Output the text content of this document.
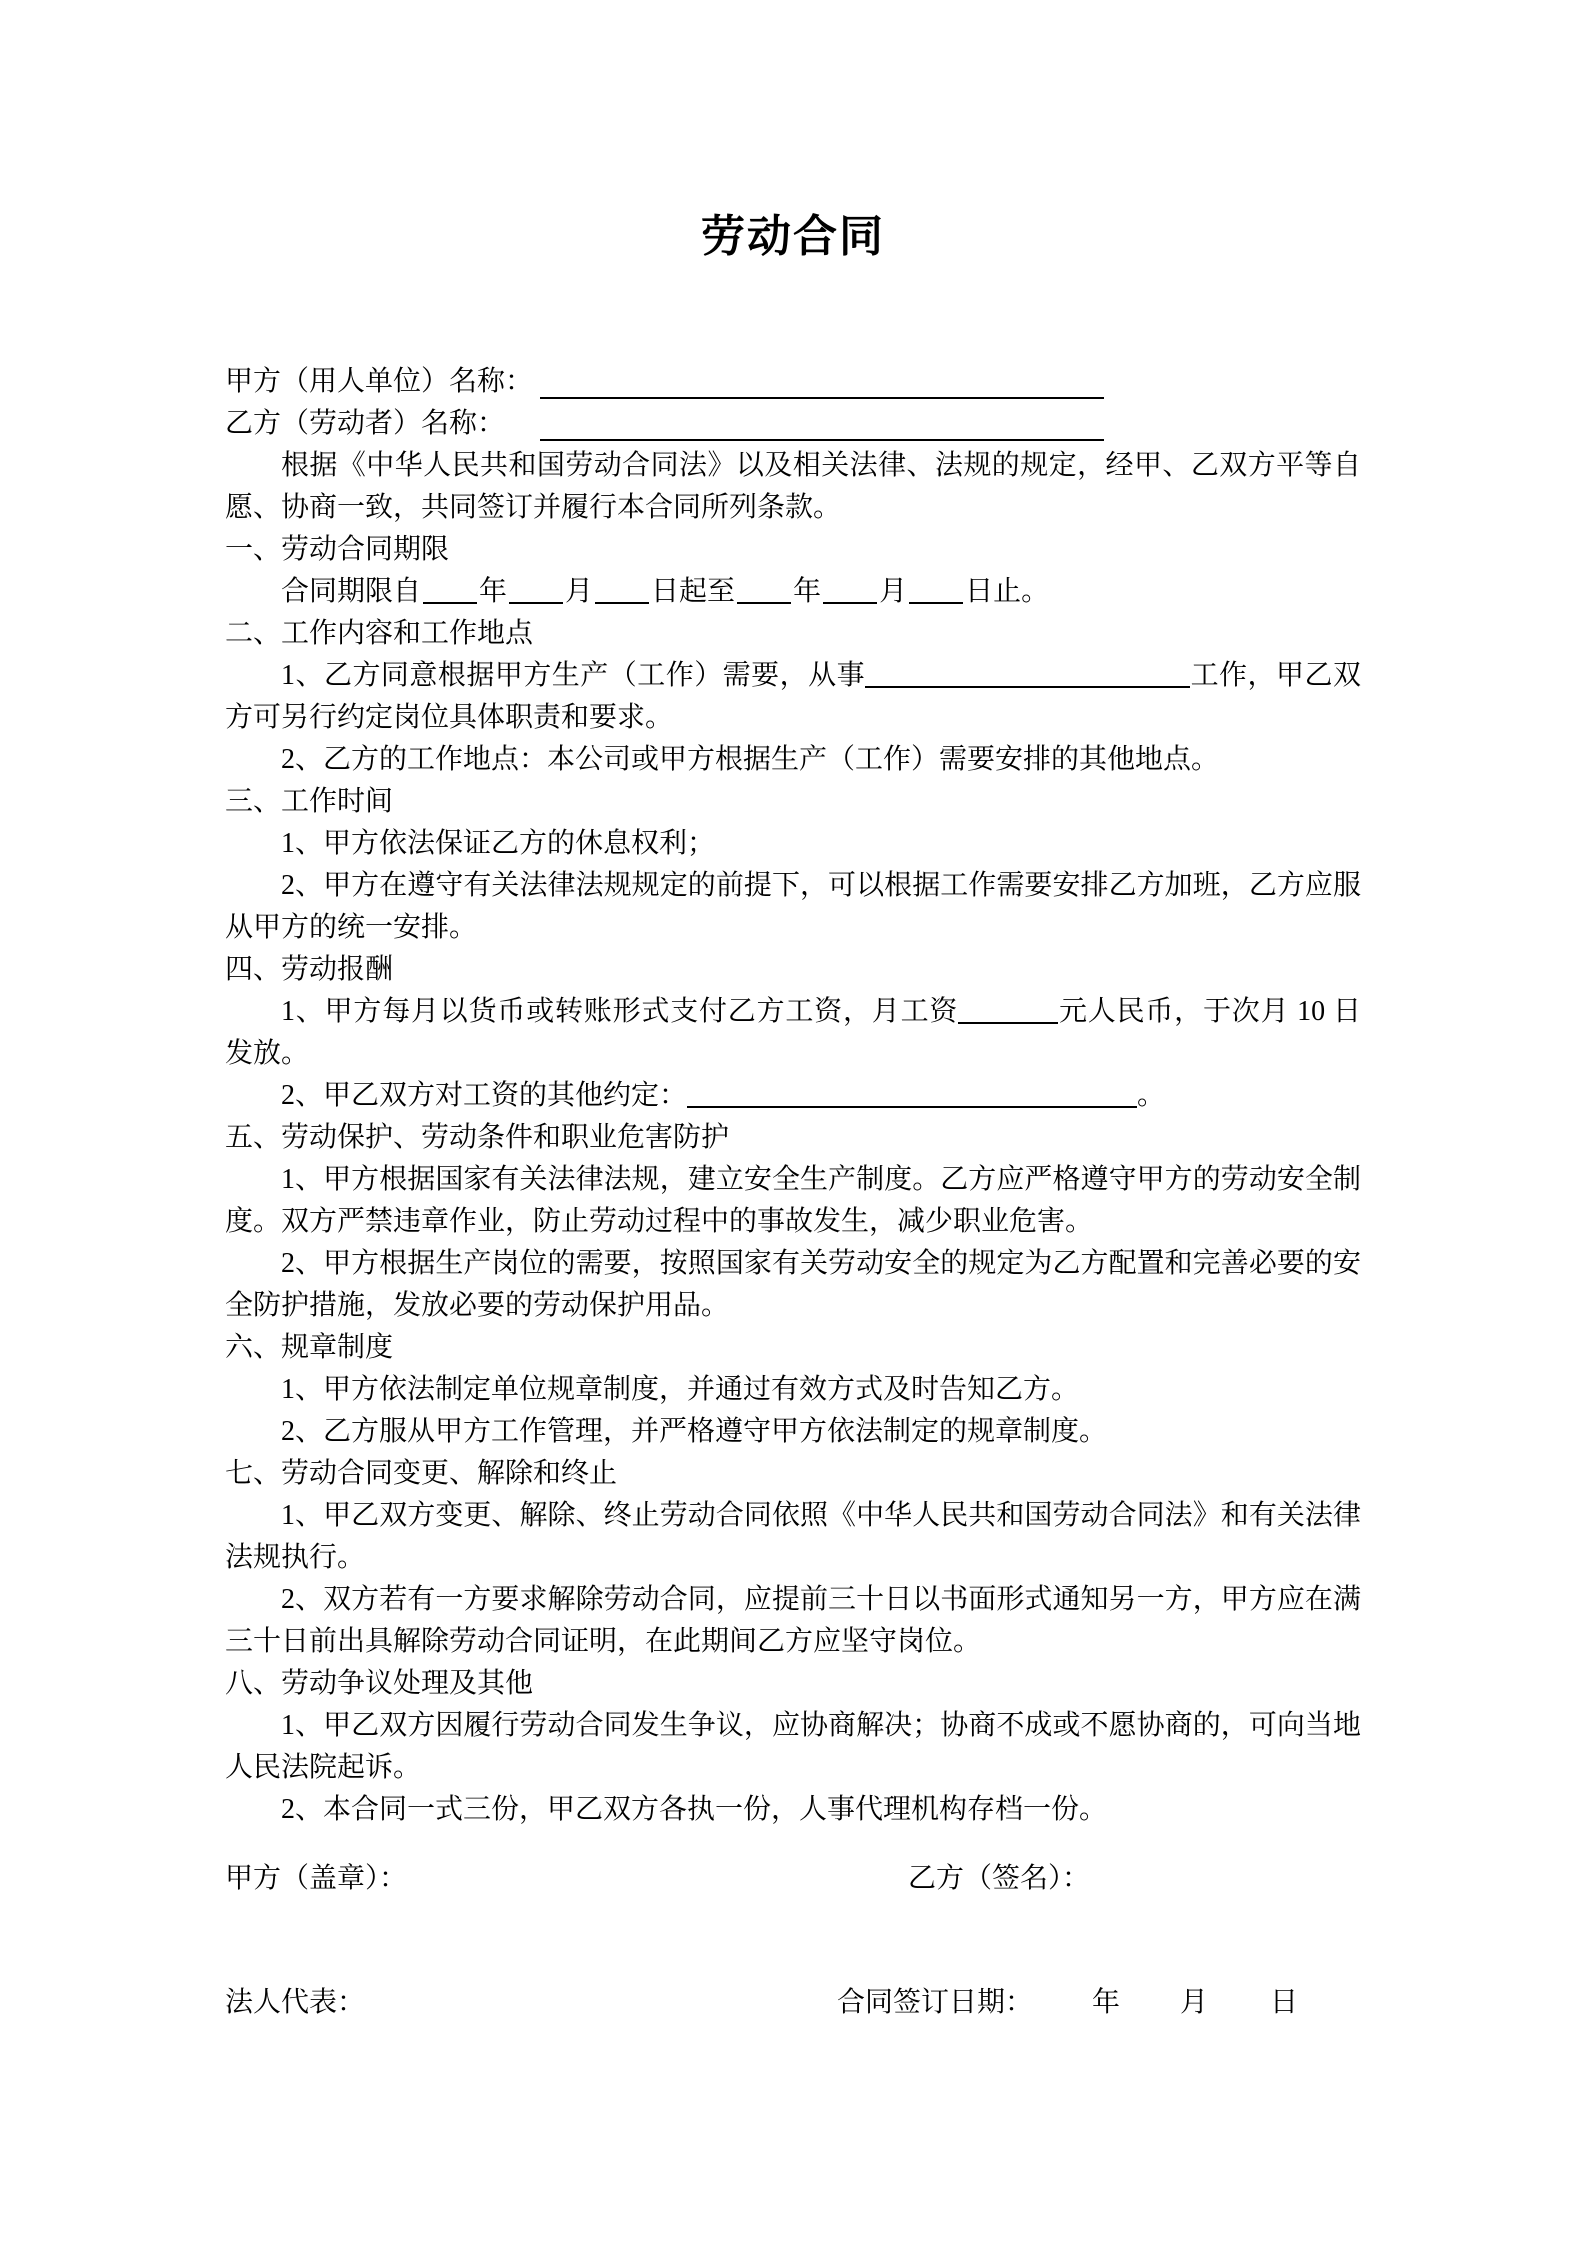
劳动合同
甲方（用人单位）名称：
乙方（劳动者）名称：

根据《中华人民共和国劳动合同法》以及相关法律、法规的规定，经甲、乙双方平等自愿、协商一致，共同签订并履行本合同所列条款。

一、劳动合同期限

合同期限自 年 月 日起至 年 月 日止。

二、工作内容和工作地点

1、乙方同意根据甲方生产（工作）需要，从事	工作，甲乙双方可另行约定岗位具体职责和要求。

2、乙方的工作地点：本公司或甲方根据生产（工作）需要安排的其他地点。

三、工作时间

1、甲方依法保证乙方的休息权利；

2、甲方在遵守有关法律法规规定的前提下，可以根据工作需要安排乙方加班，乙方应服从甲方的统一安排。

四、劳动报酬

1、甲方每月以货币或转账形式支付乙方工资，月工资	元人民币，于次月 10 日发放。

2、甲乙双方对工资的其他约定：	。

五、劳动保护、劳动条件和职业危害防护

1、甲方根据国家有关法律法规，建立安全生产制度。乙方应严格遵守甲方的劳动安全制度。双方严禁违章作业，防止劳动过程中的事故发生，减少职业危害。

2、甲方根据生产岗位的需要，按照国家有关劳动安全的规定为乙方配置和完善必要的安全防护措施，发放必要的劳动保护用品。

六、规章制度

1、甲方依法制定单位规章制度，并通过有效方式及时告知乙方。

2、乙方服从甲方工作管理，并严格遵守甲方依法制定的规章制度。

七、劳动合同变更、解除和终止

1、甲乙双方变更、解除、终止劳动合同依照《中华人民共和国劳动合同法》和有关法律法规执行。

2、双方若有一方要求解除劳动合同，应提前三十日以书面形式通知另一方，甲方应在满三十日前出具解除劳动合同证明，在此期间乙方应坚守岗位。

八、劳动争议处理及其他

1、甲乙双方因履行劳动合同发生争议，应协商解决；协商不成或不愿协商的，可向当地人民法院起诉。

2、本合同一式三份，甲乙双方各执一份，人事代理机构存档一份。

甲方（盖章）：	乙方（签名）：
法人代表：	合同签订日期： 年 月 日
